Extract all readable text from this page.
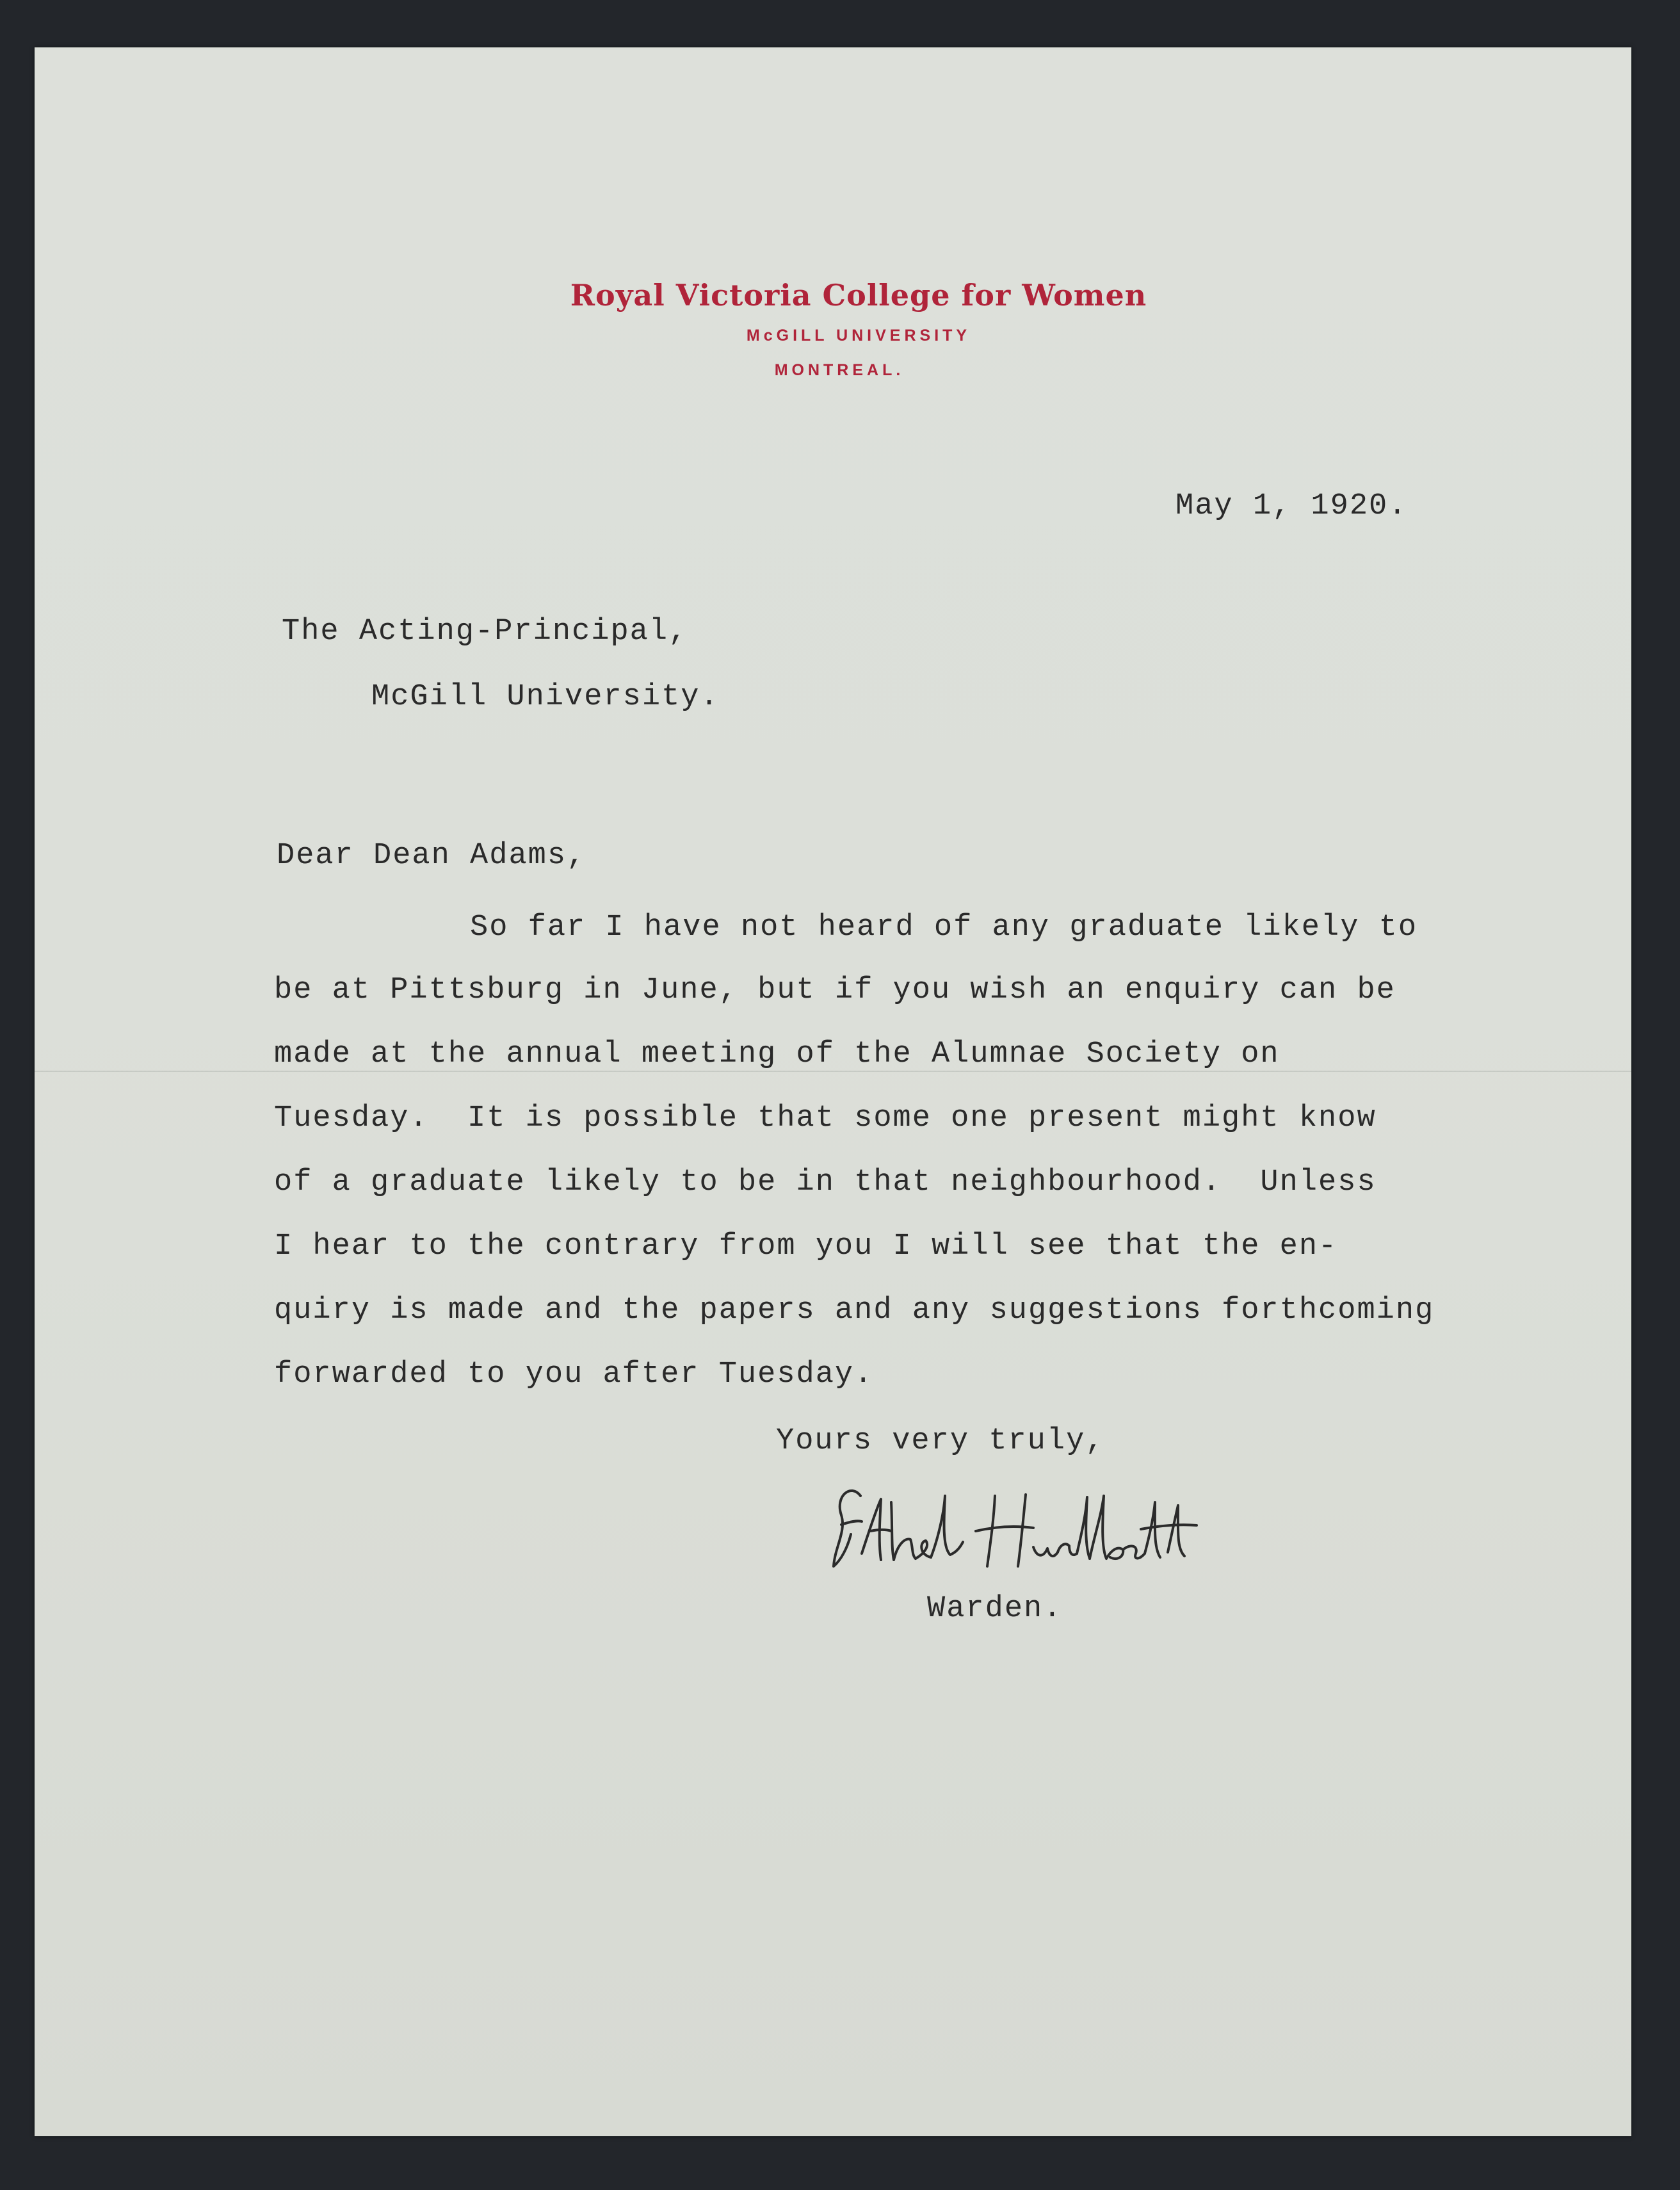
Royal Victoria College for Women
McGILL UNIVERSITY
MONTREAL.
May 1, 1920.
The Acting-Principal,
McGill University.
Dear Dean Adams,
So far I have not heard of any graduate likely to
be at Pittsburg in June, but if you wish an enquiry can be
made at the annual meeting of the Alumnae Society on
Tuesday.  It is possible that some one present might know
of a graduate likely to be in that neighbourhood.  Unless
I hear to the contrary from you I will see that the en-
quiry is made and the papers and any suggestions forthcoming
forwarded to you after Tuesday.
Yours very truly,
Warden.
